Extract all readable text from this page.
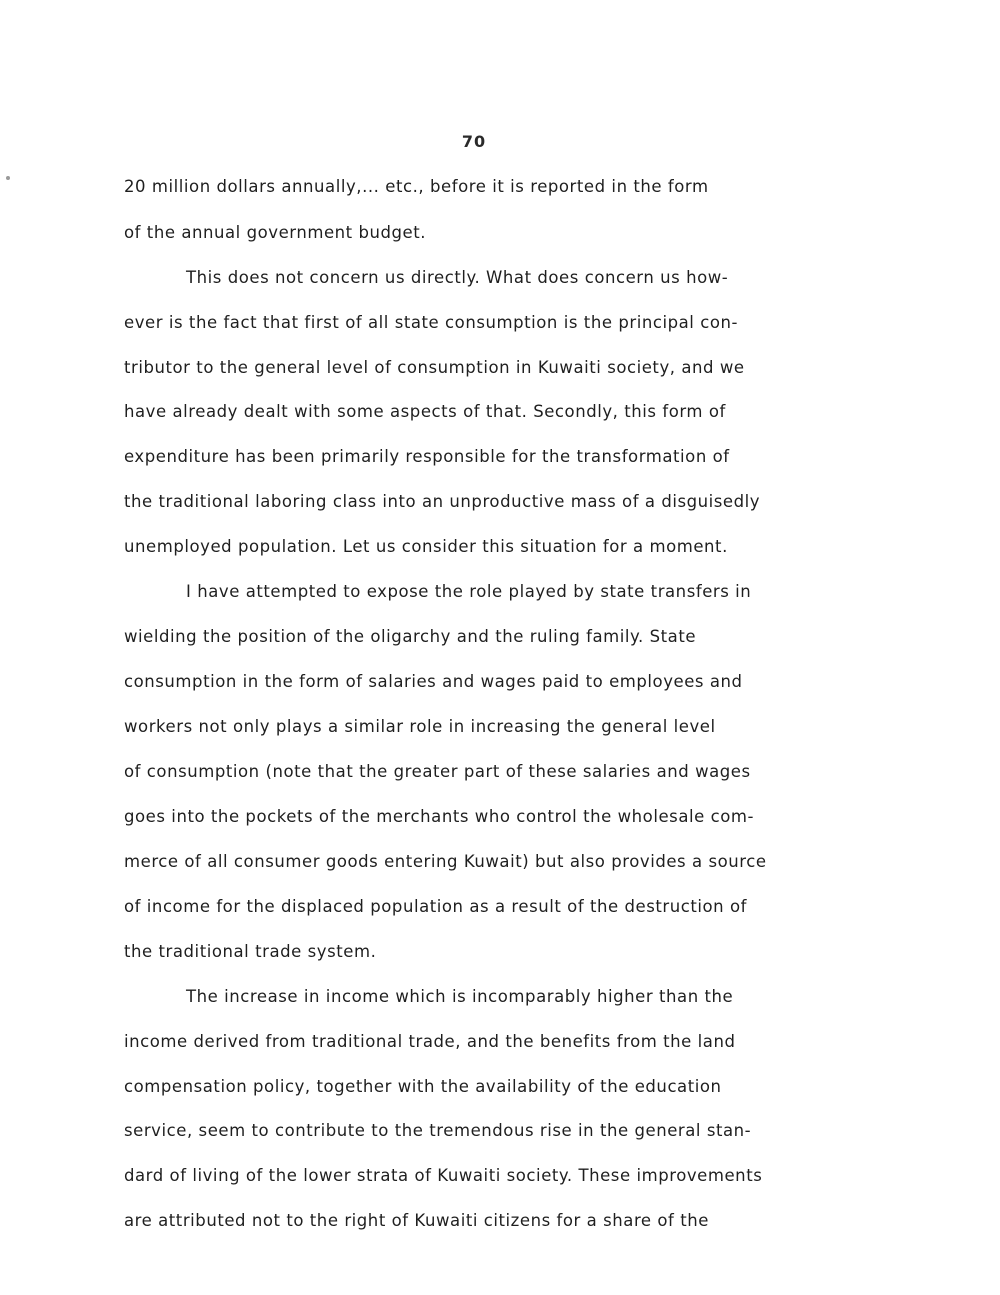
70
20 million dollars annually,... etc., before it is reported in the form
of the annual government budget.
This does not concern us directly. What does concern us how-
ever is the fact that first of all state consumption is the principal con-
tributor to the general level of consumption in Kuwaiti society, and we
have already dealt with some aspects of that. Secondly, this form of
expenditure has been primarily responsible for the transformation of
the traditional laboring class into an unproductive mass of a disguisedly
unemployed population. Let us consider this situation for a moment.
I have attempted to expose the role played by state transfers in
wielding the position of the oligarchy and the ruling family. State
consumption in the form of salaries and wages paid to employees and
workers not only plays a similar role in increasing the general level
of consumption (note that the greater part of these salaries and wages
goes into the pockets of the merchants who control the wholesale com-
merce of all consumer goods entering Kuwait) but also provides a source
of income for the displaced population as a result of the destruction of
the traditional trade system.
The increase in income which is incomparably higher than the
income derived from traditional trade, and the benefits from the land
compensation policy, together with the availability of the education
service, seem to contribute to the tremendous rise in the general stan-
dard of living of the lower strata of Kuwaiti society. These improvements
are attributed not to the right of Kuwaiti citizens for a share of the
